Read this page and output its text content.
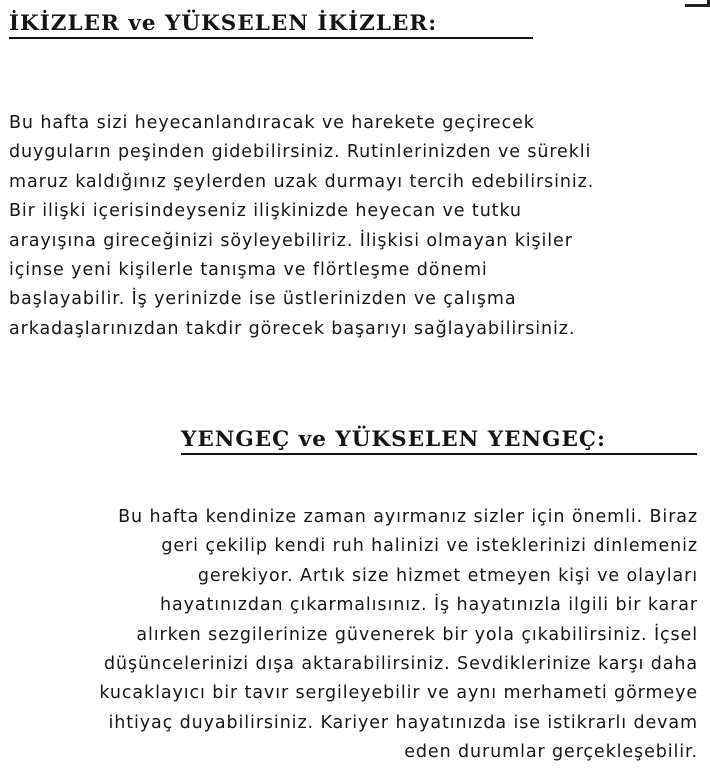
İKİZLER ve YÜKSELEN İKİZLER:
Bu hafta sizi heyecanlandıracak ve harekete geçirecek
duyguların peşinden gidebilirsiniz. Rutinlerinizden ve sürekli
maruz kaldığınız şeylerden uzak durmayı tercih edebilirsiniz.
Bir ilişki içerisindeyseniz ilişkinizde heyecan ve tutku
arayışına gireceğinizi söyleyebiliriz. İlişkisi olmayan kişiler
içinse yeni kişilerle tanışma ve flörtleşme dönemi
başlayabilir. İş yerinizde ise üstlerinizden ve çalışma
arkadaşlarınızdan takdir görecek başarıyı sağlayabilirsiniz.
YENGEÇ ve YÜKSELEN YENGEÇ:
Bu hafta kendinize zaman ayırmanız sizler için önemli. Biraz
geri çekilip kendi ruh halinizi ve isteklerinizi dinlemeniz
gerekiyor. Artık size hizmet etmeyen kişi ve olayları
hayatınızdan çıkarmalısınız. İş hayatınızla ilgili bir karar
alırken sezgilerinize güvenerek bir yola çıkabilirsiniz. İçsel
düşüncelerinizi dışa aktarabilirsiniz. Sevdiklerinize karşı daha
kucaklayıcı bir tavır sergileyebilir ve aynı merhameti görmeye
ihtiyaç duyabilirsiniz. Kariyer hayatınızda ise istikrarlı devam
eden durumlar gerçekleşebilir.
